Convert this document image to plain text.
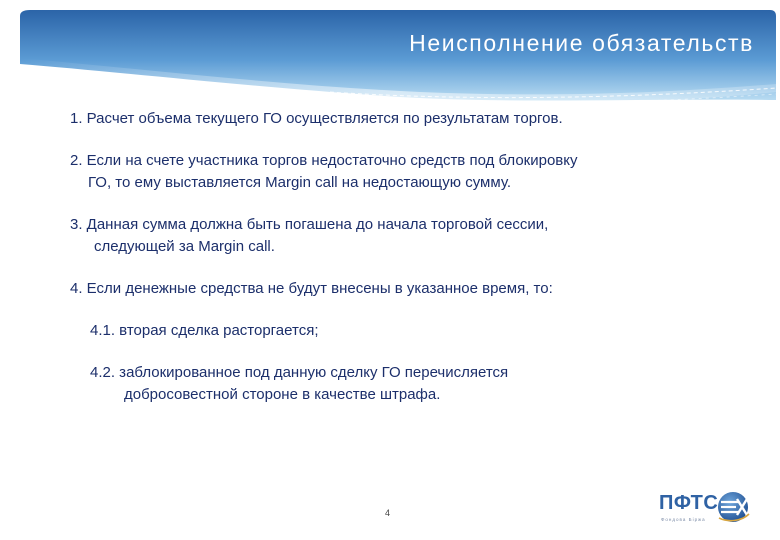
Неисполнение обязательств
1. Расчет объема текущего ГО осуществляется по результатам торгов.
2. Если на счете участника торгов недостаточно средств под блокировку
ГО, то ему выставляется Margin call на недостающую сумму.
3. Данная сумма должна быть погашена до начала торговой сессии,
следующей за Margin call.
4. Если денежные средства не будут внесены в указанное время, то:
4.1. вторая сделка расторгается;
4.2. заблокированное под данную сделку ГО перечисляется
добросовестной стороне в качестве штрафа.
4	ПФТС
Фондова Біржа
